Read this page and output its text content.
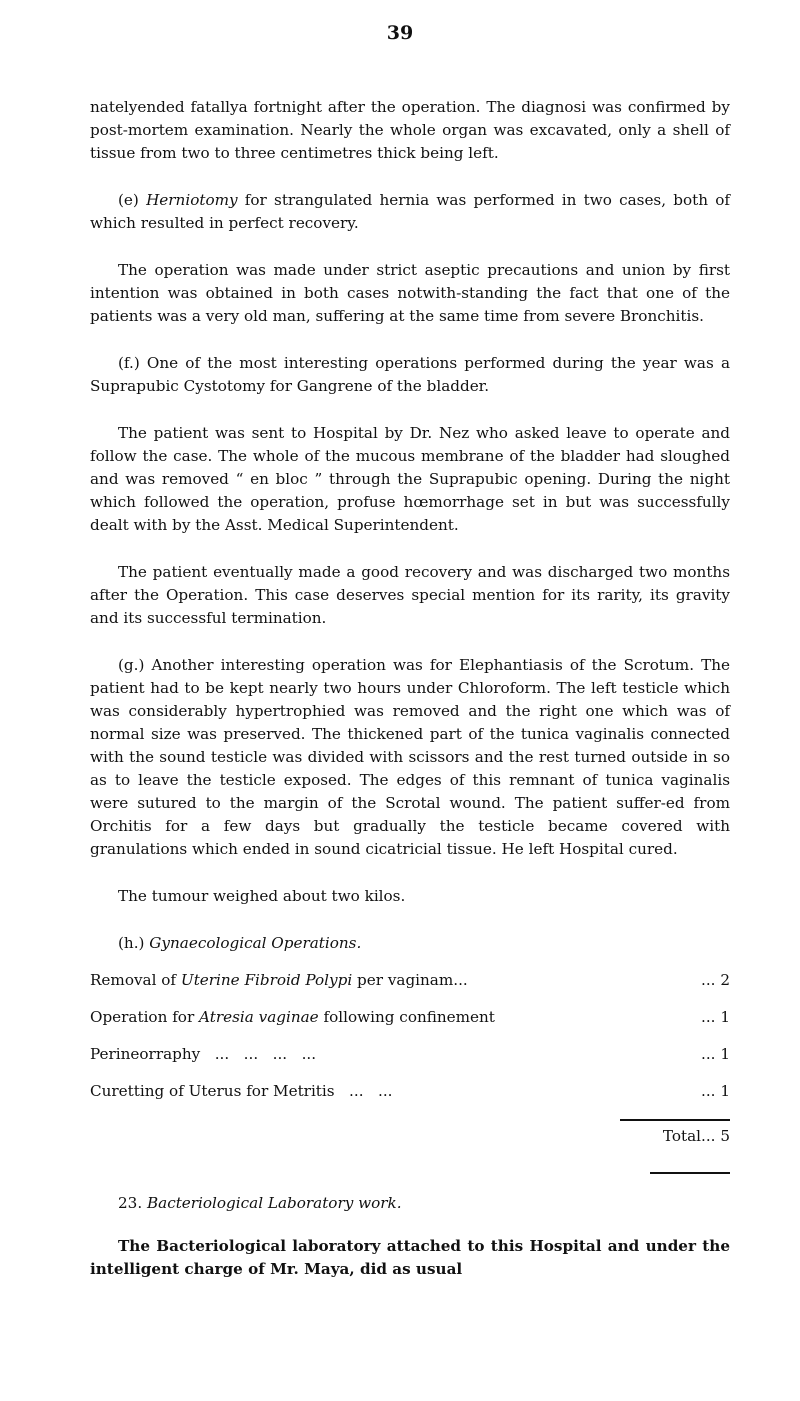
39

natelyended fatallya fortnight after the operation. The diagnosi was confirmed by post-mortem examination. Nearly the whole organ was excavated, only a shell of tissue from two to three centimetres thick being left.

(e) Herniotomy for strangulated hernia was performed in two cases, both of which resulted in perfect recovery.

The operation was made under strict aseptic precautions and union by first intention was obtained in both cases notwith-standing the fact that one of the patients was a very old man, suffering at the same time from severe Bronchitis.

(f.) One of the most interesting operations performed during the year was a Suprapubic Cystotomy for Gangrene of the bladder.

The patient was sent to Hospital by Dr. Nez who asked leave to operate and follow the case. The whole of the mucous membrane of the bladder had sloughed and was removed “ en bloc ” through the Suprapubic opening. During the night which followed the operation, profuse hœmorrhage set in but was successfully dealt with by the Asst. Medical Superintendent.

The patient eventually made a good recovery and was discharged two months after the Operation. This case deserves special mention for its rarity, its gravity and its successful termination.

(g.) Another interesting operation was for Elephantiasis of the Scrotum. The patient had to be kept nearly two hours under Chloroform. The left testicle which was considerably hypertrophied was removed and the right one which was of normal size was preserved. The thickened part of the tunica vaginalis connected with the sound testicle was divided with scissors and the rest turned outside in so as to leave the testicle exposed. The edges of this remnant of tunica vaginalis were sutured to the margin of the Scrotal wound. The patient suffer-ed from Orchitis for a few days but gradually the testicle became covered with granulations which ended in sound cicatricial tissue. He left Hospital cured.

The tumour weighed about two kilos.

(h.) Gynaecological Operations.

Removal of Uterine Fibroid Polypi per vaginam...	... 2
Operation for Atresia vaginae following confinement	... 1
Perineorraphy   ...   ...   ...   ...	... 1
Curetting of Uterus for Metritis   ...   ...	... 1
Total... 5

23. Bacteriological Laboratory work.

The Bacteriological laboratory attached to this Hospital and under the intelligent charge of Mr. Maya, did as usual
